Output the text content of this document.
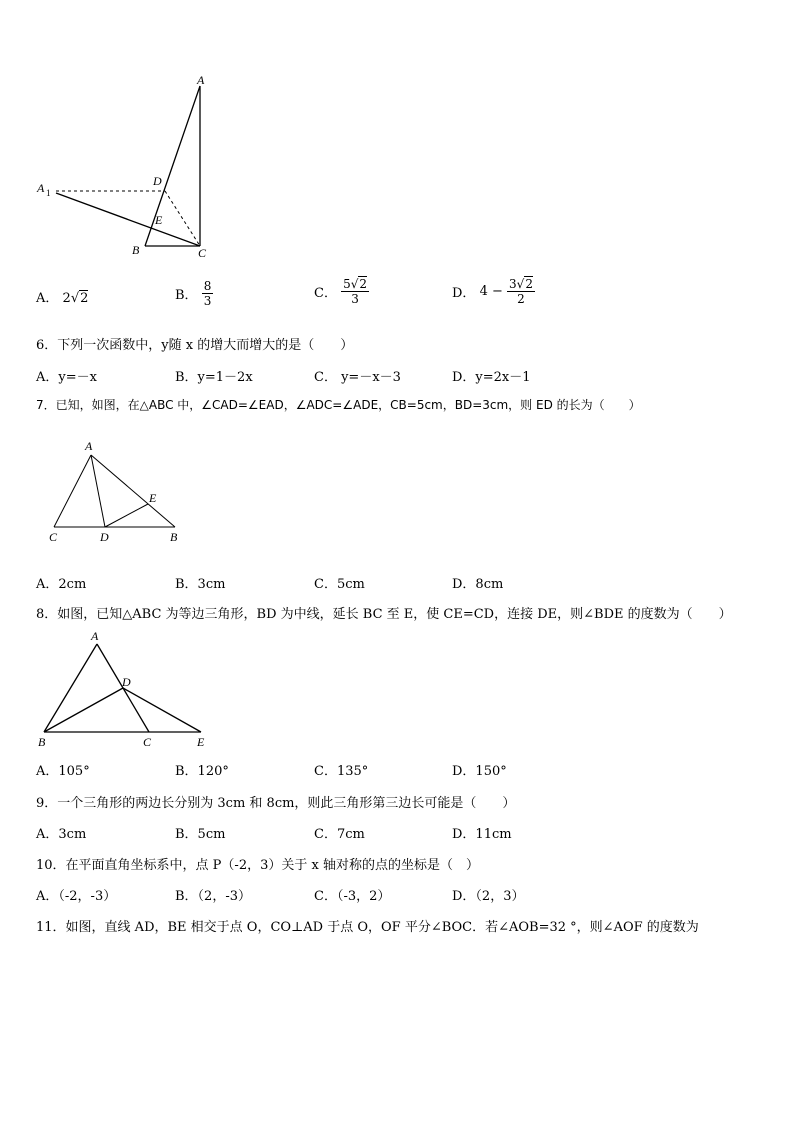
A
A 1
D
E
B	C
A． 2√2	B． $\frac{8}{3}$	C． $\frac{5√2}{3}$	D． $4 - \frac{3√2}{2}$
6．下列一次函数中，y随 x 的增大而增大的是（　　）
A．y=－x	B．y=1－2x	C． y=－x－3	D．y=2x－1
7．已知，如图，在△ABC 中，∠CAD=∠EAD，∠ADC=∠ADE，CB=5cm，BD=3cm，则 ED 的长为（　　）
A
E
C	D	B
A．2cm	B．3cm	C．5cm	D．8cm
8．如图，已知△ABC 为等边三角形，BD 为中线，延长 BC 至 E，使 CE=CD，连接 DE，则∠BDE 的度数为（　　）
A
D
B	C	E
A．105°	B．120°	C．135°	D．150°
9．一个三角形的两边长分别为 3cm 和 8cm，则此三角形第三边长可能是（　　）
A．3cm	B．5cm	C．7cm	D．11cm
10．在平面直角坐标系中，点 P（-2，3）关于 x 轴对称的点的坐标是（　）
A．（-2，-3）	B．（2，-3）	C．（-3，2）	D．（2，3）
11．如图，直线 AD，BE 相交于点 O，CO⊥AD 于点 O，OF 平分∠BOC．若∠AOB=32 °，则∠AOF 的度数为
